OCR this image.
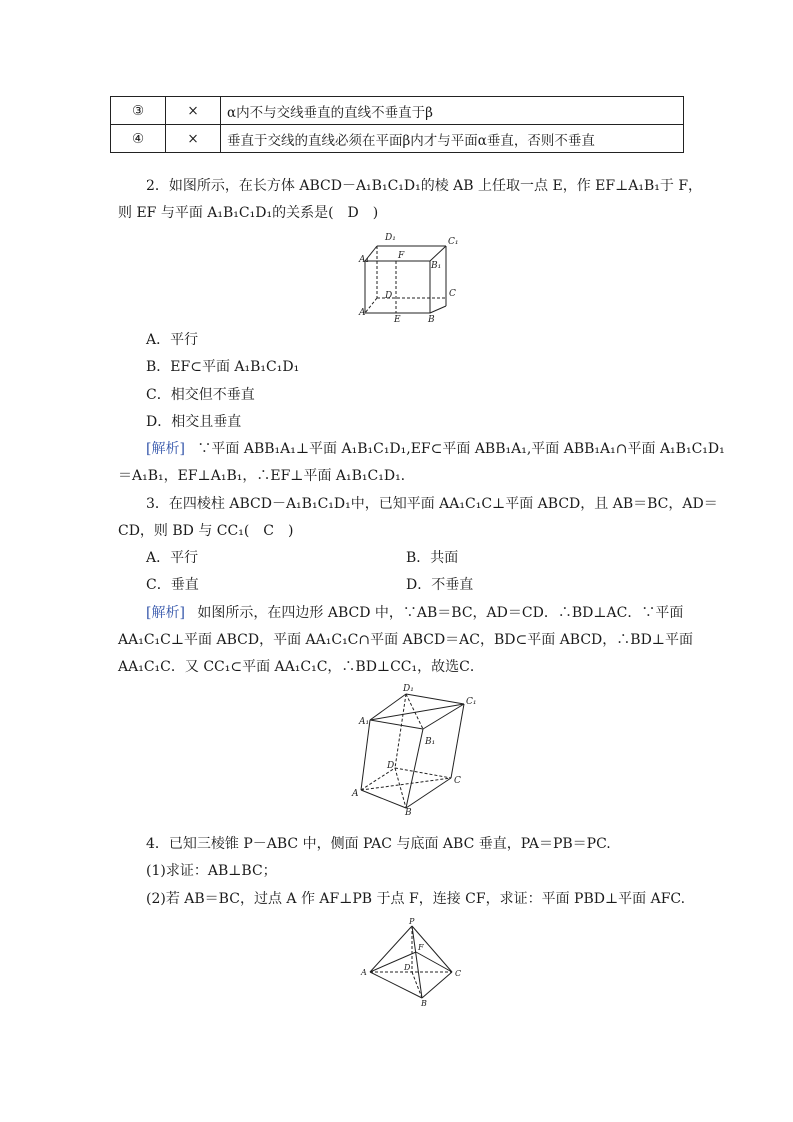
③	×	α内不与交线垂直的直线不垂直于β
④	×	垂直于交线的直线必须在平面β内才与平面α垂直，否则不垂直
2．如图所示，在长方体 ABCD－A₁B₁C₁D₁的棱 AB 上任取一点 E，作 EF⊥A₁B₁于 F，
则 EF 与平面 A₁B₁C₁D₁的关系是(　D　)
D₁	C₁
A₁	F
B₁
D	C
A
E	B
A．平行
B．EF⊂平面 A₁B₁C₁D₁
C．相交但不垂直
D．相交且垂直
[解析] ∵平面 ABB₁A₁⊥平面 A₁B₁C₁D₁,EF⊂平面 ABB₁A₁,平面 ABB₁A₁∩平面 A₁B₁C₁D₁
＝A₁B₁，EF⊥A₁B₁，∴EF⊥平面 A₁B₁C₁D₁.
3．在四棱柱 ABCD－A₁B₁C₁D₁中，已知平面 AA₁C₁C⊥平面 ABCD，且 AB＝BC，AD＝
CD，则 BD 与 CC₁(　C　)
A．平行	B．共面
C．垂直	D．不垂直
[解析] 如图所示，在四边形 ABCD 中，∵AB＝BC，AD＝CD．∴BD⊥AC．∵平面
AA₁C₁C⊥平面 ABCD，平面 AA₁C₁C∩平面 ABCD＝AC，BD⊂平面 ABCD，∴BD⊥平面
AA₁C₁C．又 CC₁⊂平面 AA₁C₁C，∴BD⊥CC₁，故选C．
D₁
C₁
A₁
B₁
D
C
A
B
4．已知三棱锥 P－ABC 中，侧面 PAC 与底面 ABC 垂直，PA＝PB＝PC.
(1)求证：AB⊥BC；
(2)若 AB＝BC，过点 A 作 AF⊥PB 于点 F，连接 CF，求证：平面 PBD⊥平面 AFC.
P
F
A
D
C
B
